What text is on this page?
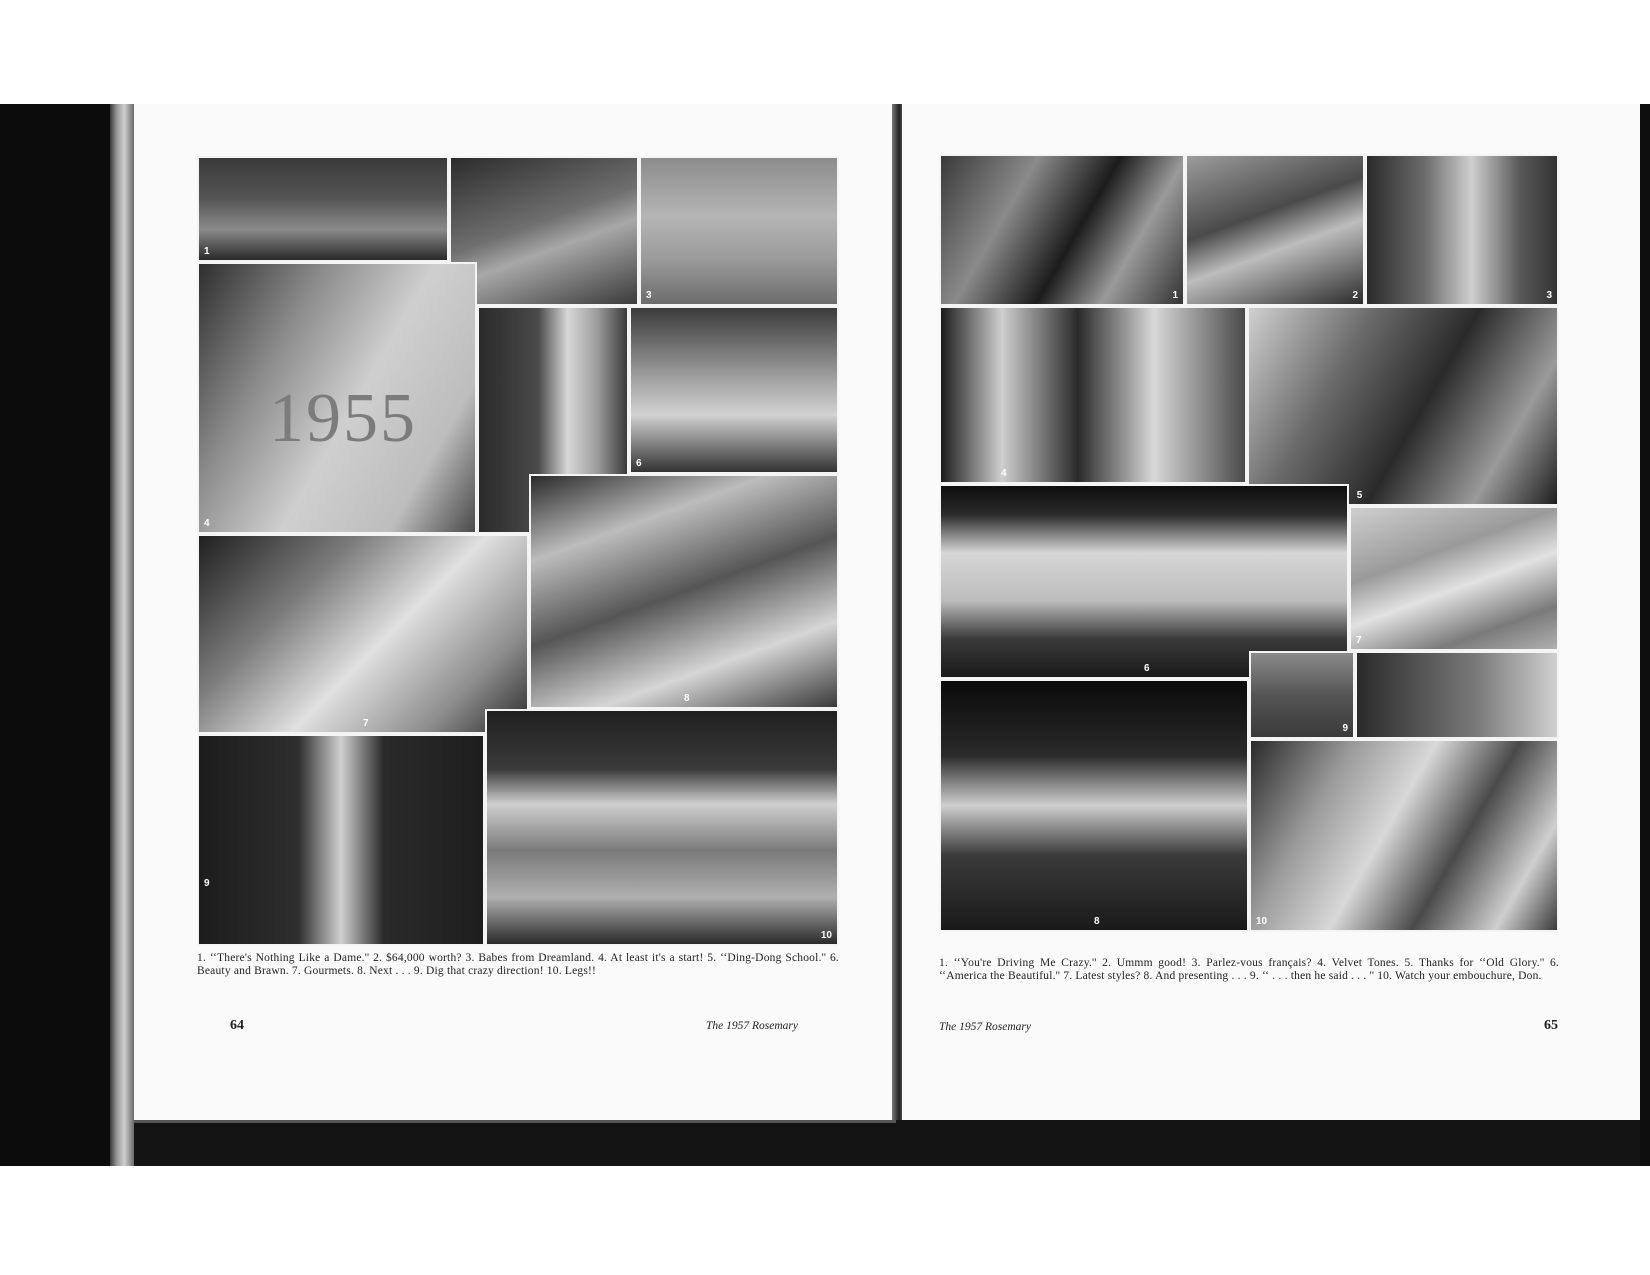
1
3
1955
4
6
7
8
9
10
1. ‘‘There's Nothing Like a Dame.'' 2. $64,000 worth? 3. Babes from Dreamland. 4. At least it's a start! 5. ‘‘Ding-Dong School.'' 6. Beauty and Brawn. 7. Gourmets. 8. Next . . . 9. Dig that crazy direction! 10. Legs!!
64	The 1957 Rosemary
1	2	3
4
5
6
7
8
9
10
1. ‘‘You're Driving Me Crazy.'' 2. Ummm good! 3. Parlez-vous français? 4. Velvet Tones. 5. Thanks for ‘‘Old Glory.'' 6. ‘‘America the Beautiful.'' 7. Latest styles? 8. And presenting . . . 9. ‘‘ . . . then he said . . . '' 10. Watch your embouchure, Don.
The 1957 Rosemary	65
